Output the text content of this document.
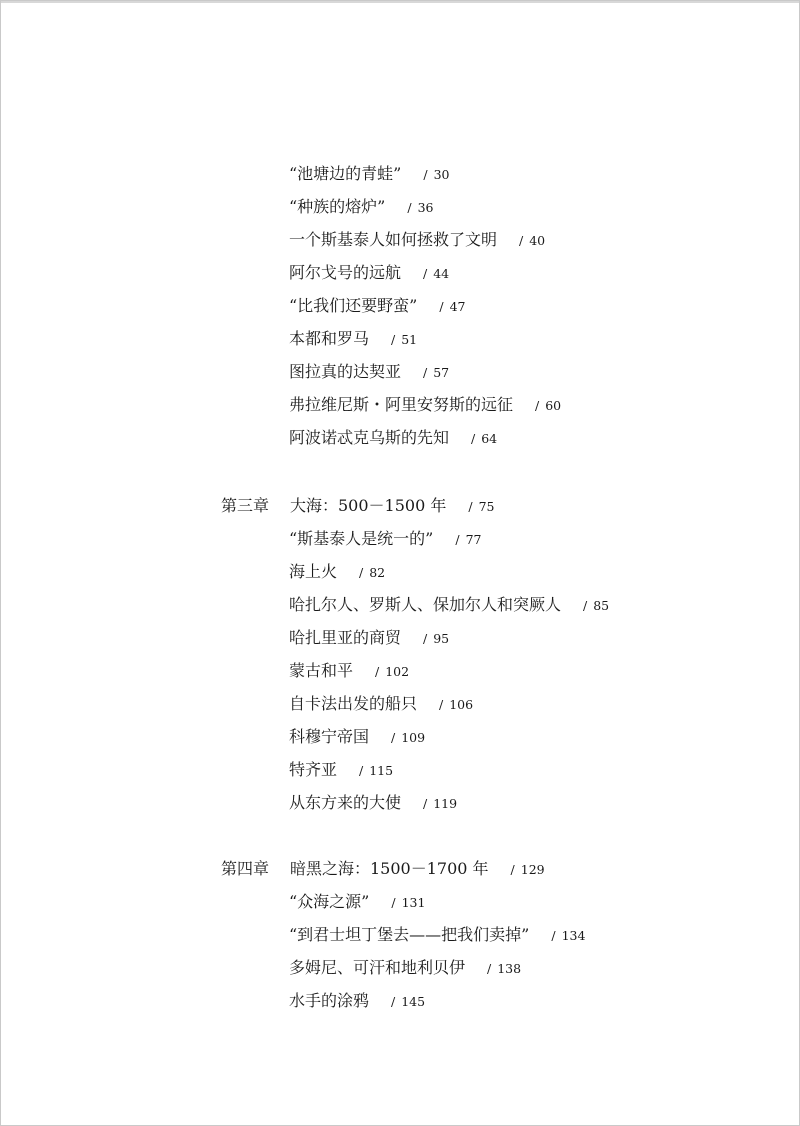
“池塘边的青蛙” / 30
“种族的熔炉” / 36
一个斯基泰人如何拯救了文明 / 40
阿尔戈号的远航 / 44
“比我们还要野蛮” / 47
本都和罗马 / 51
图拉真的达契亚 / 57
弗拉维尼斯・阿里安努斯的远征 / 60
阿波诺忒克乌斯的先知 / 64
第三章 大海：500－1500 年 / 75
“斯基泰人是统一的” / 77
海上火 / 82
哈扎尔人、罗斯人、保加尔人和突厥人 / 85
哈扎里亚的商贸 / 95
蒙古和平 / 102
自卡法出发的船只 / 106
科穆宁帝国 / 109
特齐亚 / 115
从东方来的大使 / 119
第四章 暗黑之海：1500－1700 年 / 129
“众海之源” / 131
“到君士坦丁堡去——把我们卖掉” / 134
多姆尼、可汗和地利贝伊 / 138
水手的涂鸦 / 145
